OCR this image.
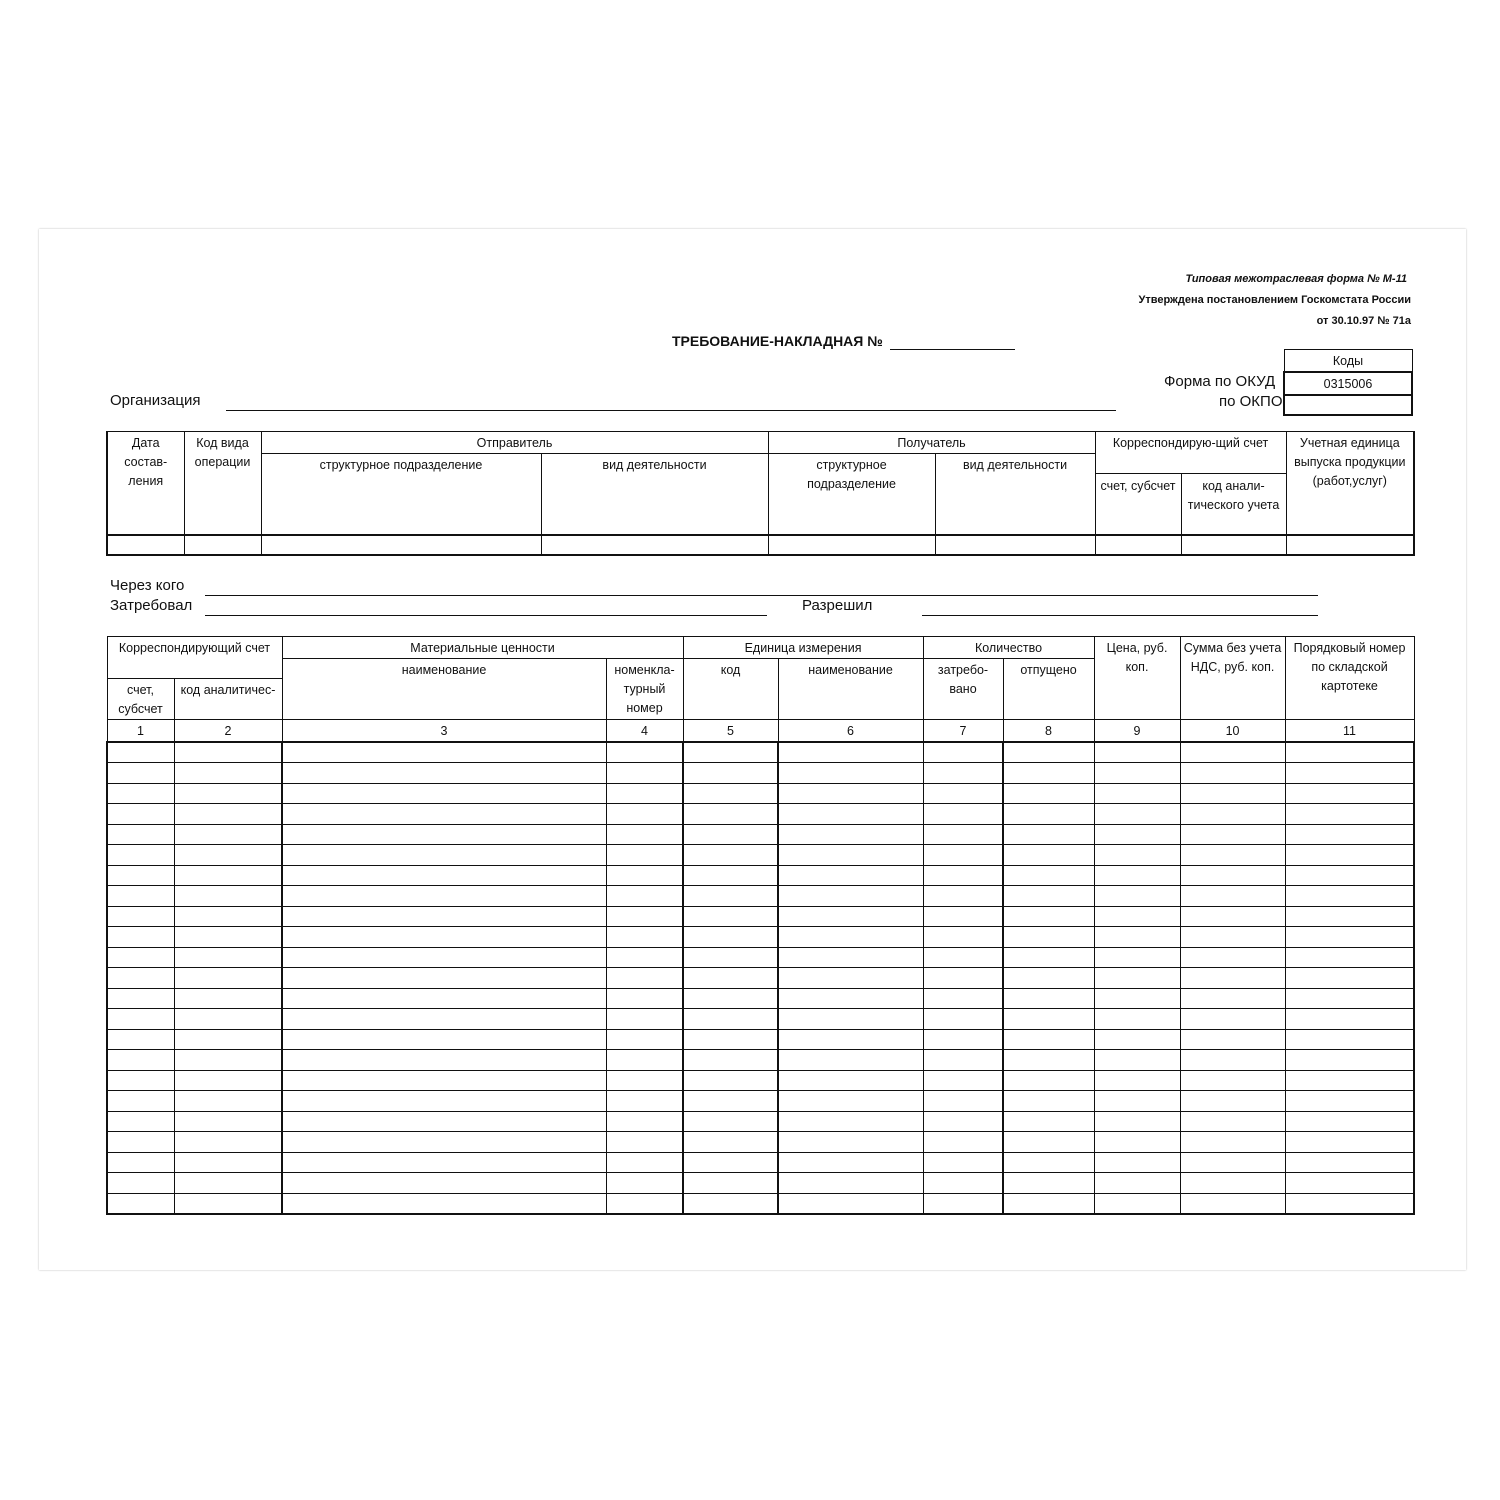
Типовая межотраслевая форма № М-11
Утверждена постановлением Госкомстата России
от 30.10.97 № 71а
ТРЕБОВАНИЕ-НАКЛАДНАЯ №
Форма по ОКУД
по ОКПО
Коды
0315006

Организация
Дата состав-ления	Код вида операции	Отправитель		Получатель		Корреспондирую-щий счет		Учетная единица выпуска продукции (работ,услуг)
		структурное подразделение	вид деятельности	структурное подразделение	вид деятельности			
						счет, субсчет	код анали-тического учета	

Через кого
Затребовал	Разрешил
Корреспондирующий счет		Материальные ценности		Единица измерения		Количество		Цена, руб. коп.	Сумма без учета НДС, руб. коп.	Порядковый номер по складской картотеке
		наименование	номенкла-турный номер	код	наименование	затребо-вано	отпущено			
счет, субсчет	код аналитичес-									
1	2	3	4	5	6	7	8	9	10	11
